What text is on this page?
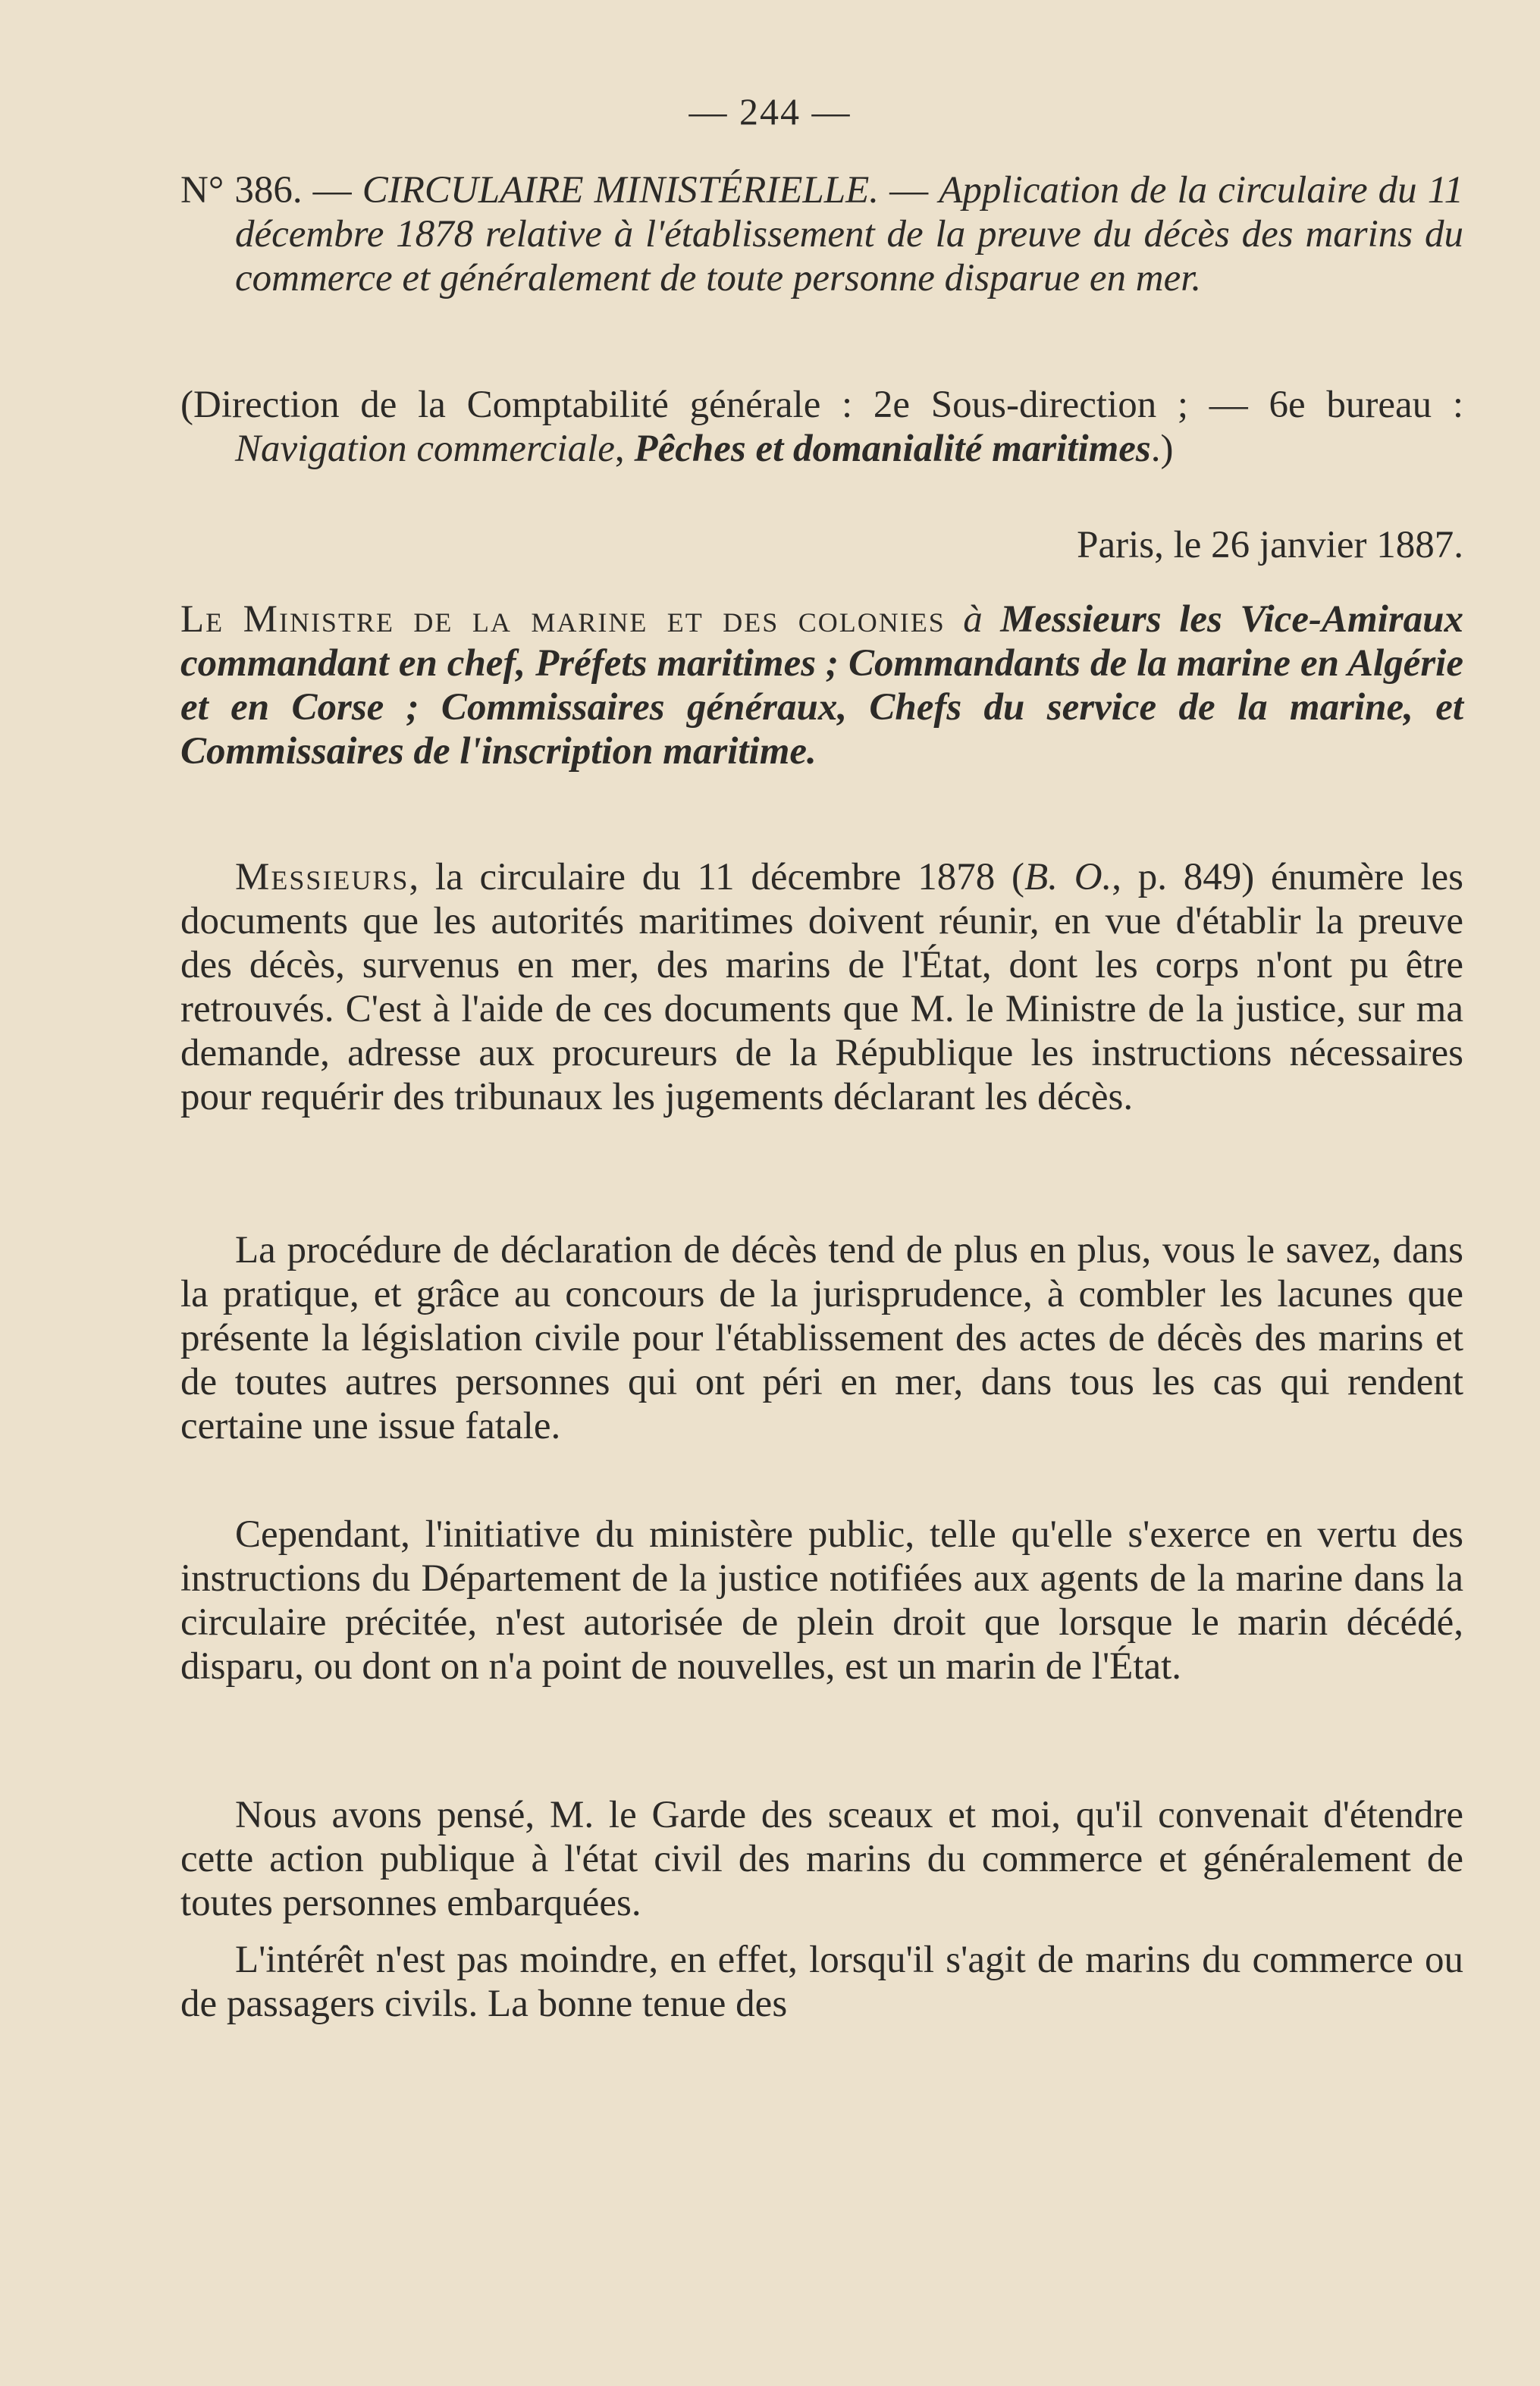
— 244 —

N° 386. — CIRCULAIRE MINISTÉRIELLE. — Application de la circulaire du 11 décembre 1878 relative à l'établissement de la preuve du décès des marins du commerce et généralement de toute personne disparue en mer.

(Direction de la Comptabilité générale : 2e Sous-direction ; — 6e bureau : Navigation commerciale, Pêches et domanialité maritimes.)

Paris, le 26 janvier 1887.

Le Ministre de la marine et des colonies à Messieurs les Vice-Amiraux commandant en chef, Préfets maritimes ; Commandants de la marine en Algérie et en Corse ; Commissaires généraux, Chefs du service de la marine, et Commissaires de l'inscription maritime.

Messieurs, la circulaire du 11 décembre 1878 (B. O., p. 849) énumère les documents que les autorités maritimes doivent réunir, en vue d'établir la preuve des décès, survenus en mer, des marins de l'État, dont les corps n'ont pu être retrouvés. C'est à l'aide de ces documents que M. le Ministre de la justice, sur ma demande, adresse aux procureurs de la République les instructions nécessaires pour requérir des tribunaux les jugements déclarant les décès.

La procédure de déclaration de décès tend de plus en plus, vous le savez, dans la pratique, et grâce au concours de la jurisprudence, à combler les lacunes que présente la législation civile pour l'établissement des actes de décès des marins et de toutes autres personnes qui ont péri en mer, dans tous les cas qui rendent certaine une issue fatale.

Cependant, l'initiative du ministère public, telle qu'elle s'exerce en vertu des instructions du Département de la justice notifiées aux agents de la marine dans la circulaire précitée, n'est autorisée de plein droit que lorsque le marin décédé, disparu, ou dont on n'a point de nouvelles, est un marin de l'État.

Nous avons pensé, M. le Garde des sceaux et moi, qu'il convenait d'étendre cette action publique à l'état civil des marins du commerce et généralement de toutes personnes embarquées.

L'intérêt n'est pas moindre, en effet, lorsqu'il s'agit de marins du commerce ou de passagers civils. La bonne tenue des
